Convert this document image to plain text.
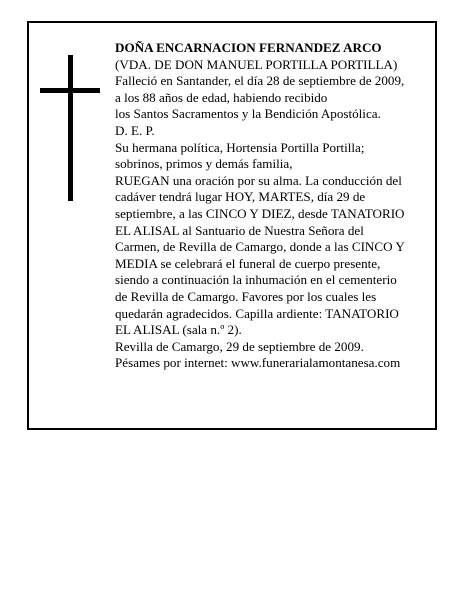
DOÑA ENCARNACION FERNANDEZ ARCO
(VDA. DE DON MANUEL PORTILLA PORTILLA)
Falleció en Santander, el día 28 de septiembre de 2009,
a los 88 años de edad, habiendo recibido
los Santos Sacramentos y la Bendición Apostólica.
D. E. P.
Su hermana política, Hortensia Portilla Portilla;
sobrinos, primos y demás familia,
RUEGAN una oración por su alma. La conducción del
cadáver tendrá lugar HOY, MARTES, día 29 de
septiembre, a las CINCO Y DIEZ, desde TANATORIO
EL ALISAL al Santuario de Nuestra Señora del
Carmen, de Revilla de Camargo, donde a las CINCO Y
MEDIA se celebrará el funeral de cuerpo presente,
siendo a continuación la inhumación en el cementerio
de Revilla de Camargo. Favores por los cuales les
quedarán agradecidos. Capilla ardiente: TANATORIO
EL ALISAL (sala n.º 2).
Revilla de Camargo, 29 de septiembre de 2009.
Pésames por internet: www.funerarialamontanesa.com
